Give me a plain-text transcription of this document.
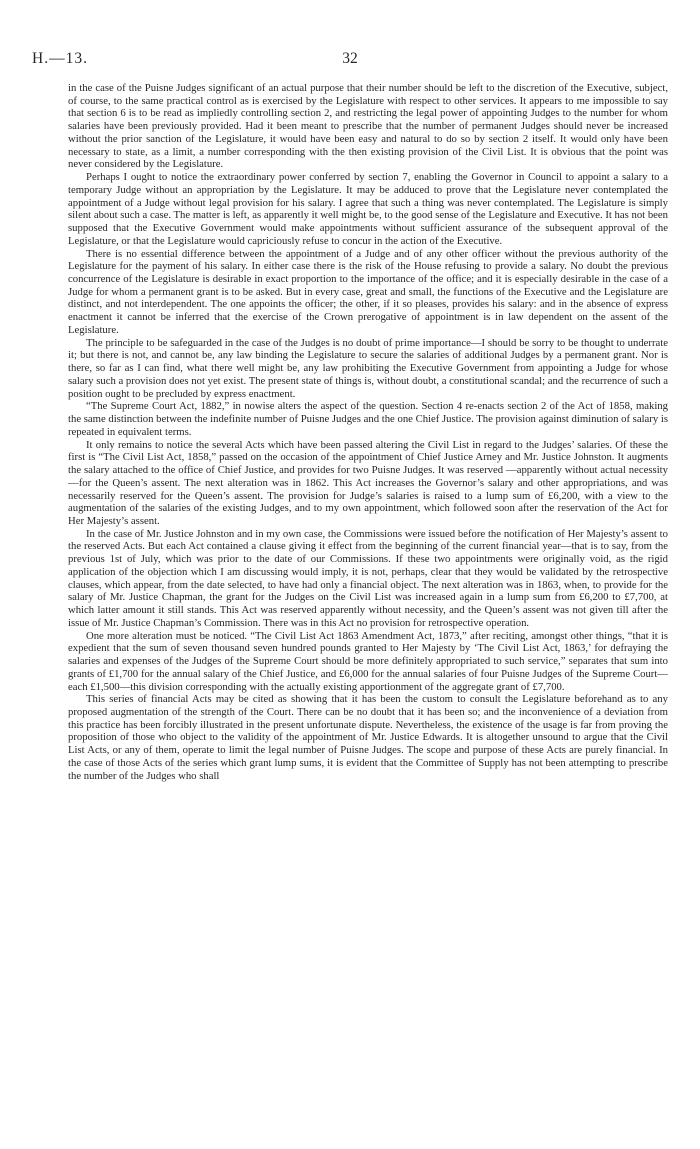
H.—13.	32

in the case of the Puisne Judges significant of an actual purpose that their number should be left to the discretion of the Executive, subject, of course, to the same practical control as is exercised by the Legislature with respect to other services. It appears to me impossible to say that section 6 is to be read as impliedly controlling section 2, and restricting the legal power of appointing Judges to the number for whom salaries have been previously provided. Had it been meant to prescribe that the number of permanent Judges should never be increased without the prior sanction of the Legislature, it would have been easy and natural to do so by section 2 itself. It would only have been necessary to state, as a limit, a number corresponding with the then existing provision of the Civil List. It is obvious that the point was never considered by the Legislature.

Perhaps I ought to notice the extraordinary power conferred by section 7, enabling the Governor in Council to appoint a salary to a temporary Judge without an appropriation by the Legislature. It may be adduced to prove that the Legislature never contemplated the appointment of a Judge without legal provision for his salary. I agree that such a thing was never contemplated. The Legislature is simply silent about such a case. The matter is left, as apparently it well might be, to the good sense of the Legislature and Executive. It has not been supposed that the Executive Government would make appointments without sufficient assurance of the subsequent approval of the Legislature, or that the Legislature would capriciously refuse to concur in the action of the Executive.

There is no essential difference between the appointment of a Judge and of any other officer without the previous authority of the Legislature for the payment of his salary. In either case there is the risk of the House refusing to provide a salary. No doubt the previous concurrence of the Legislature is desirable in exact proportion to the importance of the office; and it is especially desirable in the case of a Judge for whom a permanent grant is to be asked. But in every case, great and small, the functions of the Executive and the Legislature are distinct, and not interdependent. The one appoints the officer; the other, if it so pleases, provides his salary: and in the absence of express enactment it cannot be inferred that the exercise of the Crown prerogative of appointment is in law dependent on the assent of the Legislature.

The principle to be safeguarded in the case of the Judges is no doubt of prime importance—I should be sorry to be thought to underrate it; but there is not, and cannot be, any law binding the Legislature to secure the salaries of additional Judges by a permanent grant. Nor is there, so far as I can find, what there well might be, any law prohibiting the Executive Government from appointing a Judge for whose salary such a provision does not yet exist. The present state of things is, without doubt, a constitutional scandal; and the recurrence of such a position ought to be precluded by express enactment.

“The Supreme Court Act, 1882,” in nowise alters the aspect of the question. Section 4 re-enacts section 2 of the Act of 1858, making the same distinction between the indefinite number of Puisne Judges and the one Chief Justice. The provision against diminution of salary is repeated in equivalent terms.

It only remains to notice the several Acts which have been passed altering the Civil List in regard to the Judges’ salaries. Of these the first is “The Civil List Act, 1858,” passed on the occasion of the appointment of Chief Justice Arney and Mr. Justice Johnston. It augments the salary attached to the office of Chief Justice, and provides for two Puisne Judges. It was reserved —apparently without actual necessity—for the Queen’s assent. The next alteration was in 1862. This Act increases the Governor’s salary and other appropriations, and was necessarily reserved for the Queen’s assent. The provision for Judge’s salaries is raised to a lump sum of £6,200, with a view to the augmentation of the salaries of the existing Judges, and to my own appointment, which followed soon after the reservation of the Act for Her Majesty’s assent.

In the case of Mr. Justice Johnston and in my own case, the Commissions were issued before the notification of Her Majesty’s assent to the reserved Acts. But each Act contained a clause giving it effect from the beginning of the current financial year—that is to say, from the previous 1st of July, which was prior to the date of our Commissions. If these two appointments were originally void, as the rigid application of the objection which I am discussing would imply, it is not, perhaps, clear that they would be validated by the retrospective clauses, which appear, from the date selected, to have had only a financial object. The next alteration was in 1863, when, to provide for the salary of Mr. Justice Chapman, the grant for the Judges on the Civil List was increased again in a lump sum from £6,200 to £7,700, at which latter amount it still stands. This Act was reserved apparently without necessity, and the Queen’s assent was not given till after the issue of Mr. Justice Chapman’s Commission. There was in this Act no provision for retrospective operation.

One more alteration must be noticed. “The Civil List Act 1863 Amendment Act, 1873,” after reciting, amongst other things, “that it is expedient that the sum of seven thousand seven hundred pounds granted to Her Majesty by ‘The Civil List Act, 1863,’ for defraying the salaries and expenses of the Judges of the Supreme Court should be more definitely appropriated to such service,” separates that sum into grants of £1,700 for the annual salary of the Chief Justice, and £6,000 for the annual salaries of four Puisne Judges of the Supreme Court—each £1,500—this division corresponding with the actually existing apportionment of the aggregate grant of £7,700.

This series of financial Acts may be cited as showing that it has been the custom to consult the Legislature beforehand as to any proposed augmentation of the strength of the Court. There can be no doubt that it has been so; and the inconvenience of a deviation from this practice has been forcibly illustrated in the present unfortunate dispute. Nevertheless, the existence of the usage is far from proving the proposition of those who object to the validity of the appointment of Mr. Justice Edwards. It is altogether unsound to argue that the Civil List Acts, or any of them, operate to limit the legal number of Puisne Judges. The scope and purpose of these Acts are purely financial. In the case of those Acts of the series which grant lump sums, it is evident that the Committee of Supply has not been attempting to prescribe the number of the Judges who shall
